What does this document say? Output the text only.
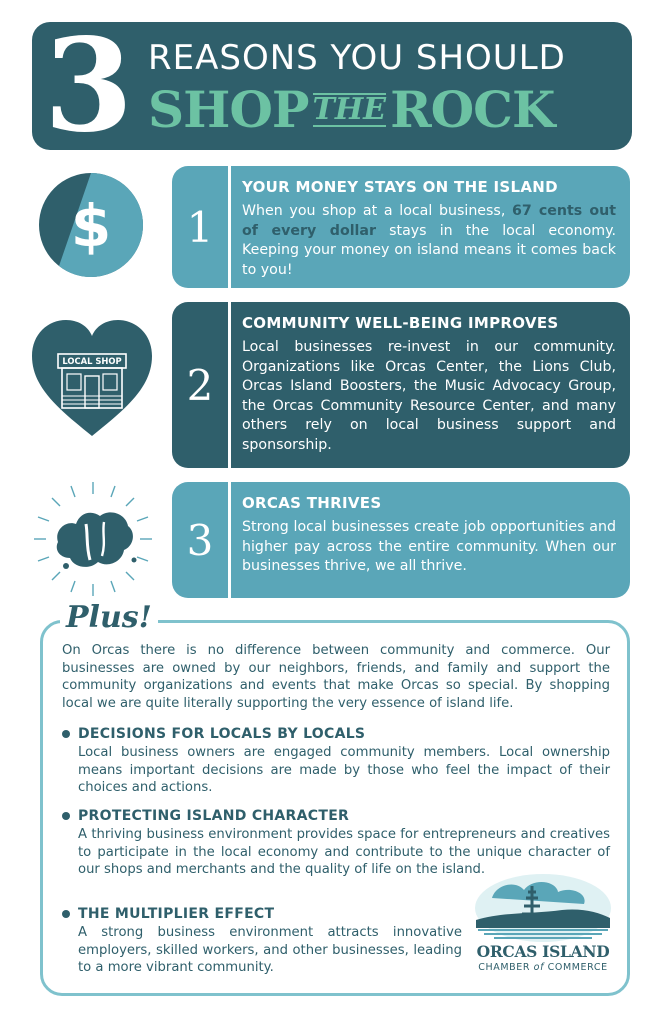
3 REASONS YOU SHOULD
SHOP THEROCK
$
LOCAL SHOP
1
YOUR MONEY STAYS ON THE ISLAND
When you shop at a local business, 67 cents out of every dollar stays in the local economy. Keeping your money on island means it comes back to you!
2
COMMUNITY WELL-BEING IMPROVES
Local businesses re-invest in our community. Organizations like Orcas Center, the Lions Club, Orcas Island Boosters, the Music Advocacy Group, the Orcas Community Resource Center, and many others rely on local business support and sponsorship.
3
ORCAS THRIVES
Strong local businesses create job opportunities and higher pay across the entire community. When our businesses thrive, we all thrive.
Plus!
On Orcas there is no difference between community and commerce. Our businesses are owned by our neighbors, friends, and family and support the community organizations and events that make Orcas so special. By shopping local we are quite literally supporting the very essence of island life.
DECISIONS FOR LOCALS BY LOCALS
Local business owners are engaged community members. Local ownership means important decisions are made by those who feel the impact of their choices and actions.
PROTECTING ISLAND CHARACTER
A thriving business environment provides space for entrepreneurs and creatives to participate in the local economy and contribute to the unique character of our shops and merchants and the quality of life on the island.
THE MULTIPLIER EFFECT
A strong business environment attracts innovative employers, skilled workers, and other businesses, leading to a more vibrant community.
ORCAS ISLAND
CHAMBER of COMMERCE
